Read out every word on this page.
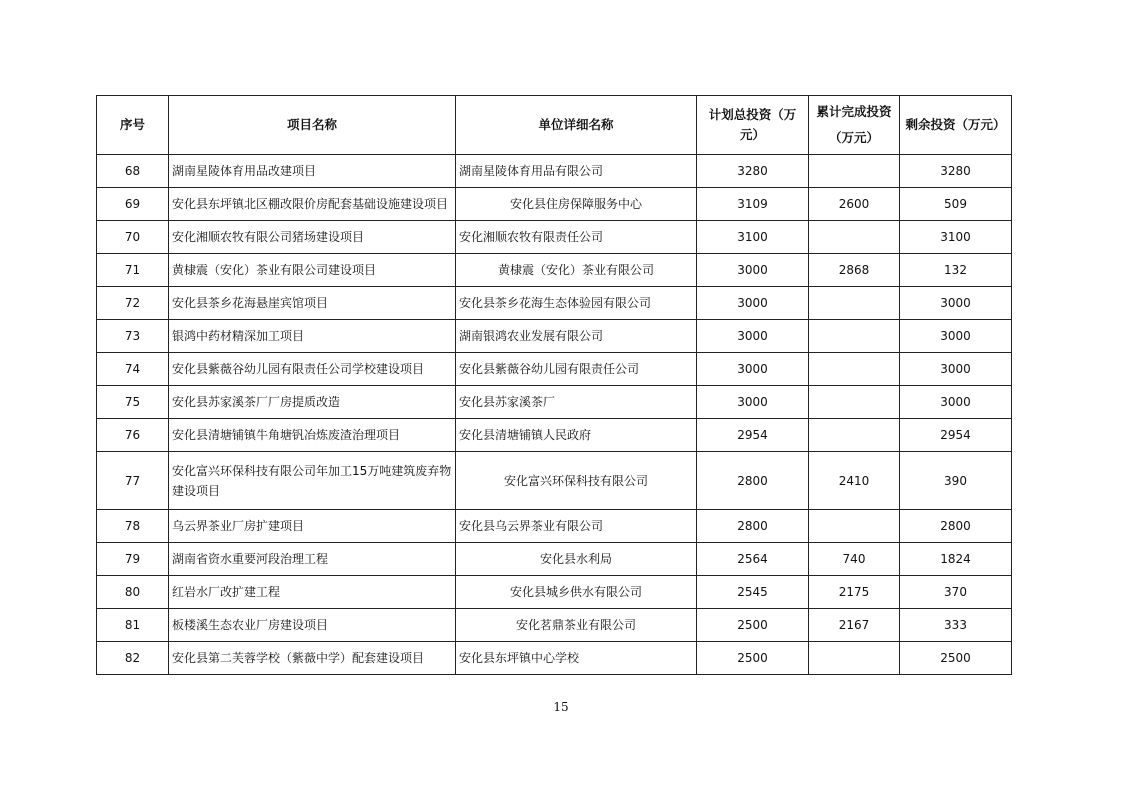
序号	项目名称	单位详细名称	计划总投资（万元）	累计完成投资
（万元）	剩余投资（万元）
68	湖南星陵体育用品改建项目	湖南星陵体育用品有限公司	3280		3280
69	安化县东坪镇北区棚改限价房配套基础设施建设项目	安化县住房保障服务中心	3109	2600	509
70	安化湘顺农牧有限公司猪场建设项目	安化湘顺农牧有限责任公司	3100		3100
71	黄棣震（安化）茶业有限公司建设项目	黄棣震（安化）茶业有限公司	3000	2868	132
72	安化县茶乡花海悬崖宾馆项目	安化县茶乡花海生态体验园有限公司	3000		3000
73	银鸿中药材精深加工项目	湖南银鸿农业发展有限公司	3000		3000
74	安化县紫薇谷幼儿园有限责任公司学校建设项目	安化县紫薇谷幼儿园有限责任公司	3000		3000
75	安化县苏家溪茶厂厂房提质改造	安化县苏家溪茶厂	3000		3000
76	安化县清塘铺镇牛角塘钒冶炼废渣治理项目	安化县清塘铺镇人民政府	2954		2954
77	安化富兴环保科技有限公司年加工15万吨建筑废弃物建设项目	安化富兴环保科技有限公司	2800	2410	390
78	乌云界茶业厂房扩建项目	安化县乌云界茶业有限公司	2800		2800
79	湖南省资水重要河段治理工程	安化县水利局	2564	740	1824
80	红岩水厂改扩建工程	安化县城乡供水有限公司	2545	2175	370
81	板楼溪生态农业厂房建设项目	安化茗鼎茶业有限公司	2500	2167	333
82	安化县第二芙蓉学校（紫薇中学）配套建设项目	安化县东坪镇中心学校	2500		2500
15
